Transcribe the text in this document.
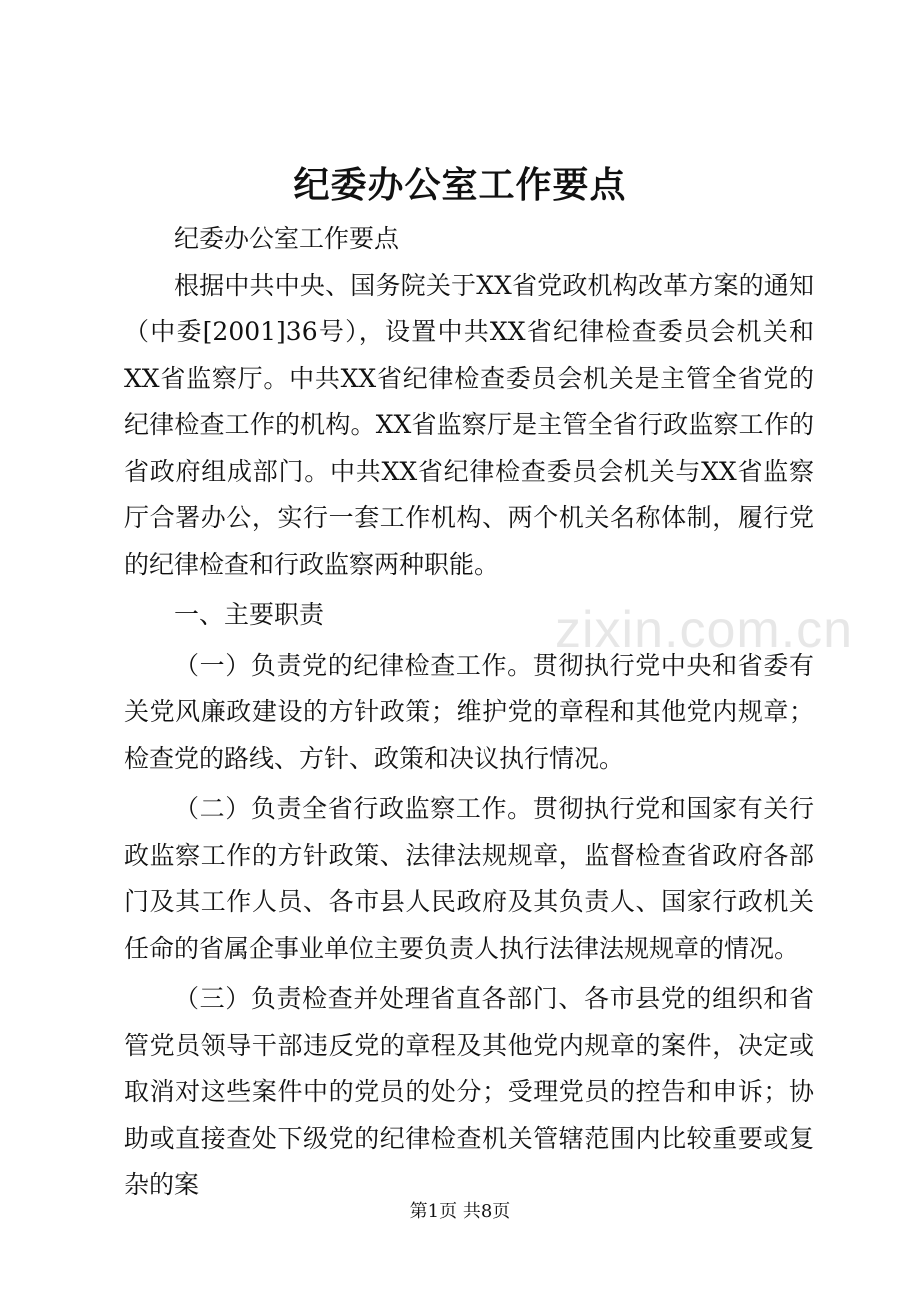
纪委办公室工作要点

纪委办公室工作要点

根据中共中央、国务院关于XX省党政机构改革方案的通知（中委[2001]36号），设置中共XX省纪律检查委员会机关和XX省监察厅。中共XX省纪律检查委员会机关是主管全省党的纪律检查工作的机构。XX省监察厅是主管全省行政监察工作的省政府组成部门。中共XX省纪律检查委员会机关与XX省监察厅合署办公，实行一套工作机构、两个机关名称体制，履行党的纪律检查和行政监察两种职能。

一、主要职责

（一）负责党的纪律检查工作。贯彻执行党中央和省委有关党风廉政建设的方针政策；维护党的章程和其他党内规章；检查党的路线、方针、政策和决议执行情况。

（二）负责全省行政监察工作。贯彻执行党和国家有关行政监察工作的方针政策、法律法规规章，监督检查省政府各部门及其工作人员、各市县人民政府及其负责人、国家行政机关任命的省属企事业单位主要负责人执行法律法规规章的情况。

（三）负责检查并处理省直各部门、各市县党的组织和省管党员领导干部违反党的章程及其他党内规章的案件，决定或取消对这些案件中的党员的处分；受理党员的控告和申诉；协助或直接查处下级党的纪律检查机关管辖范围内比较重要或复杂的案

zixin.com.cn
第1页 共8页
